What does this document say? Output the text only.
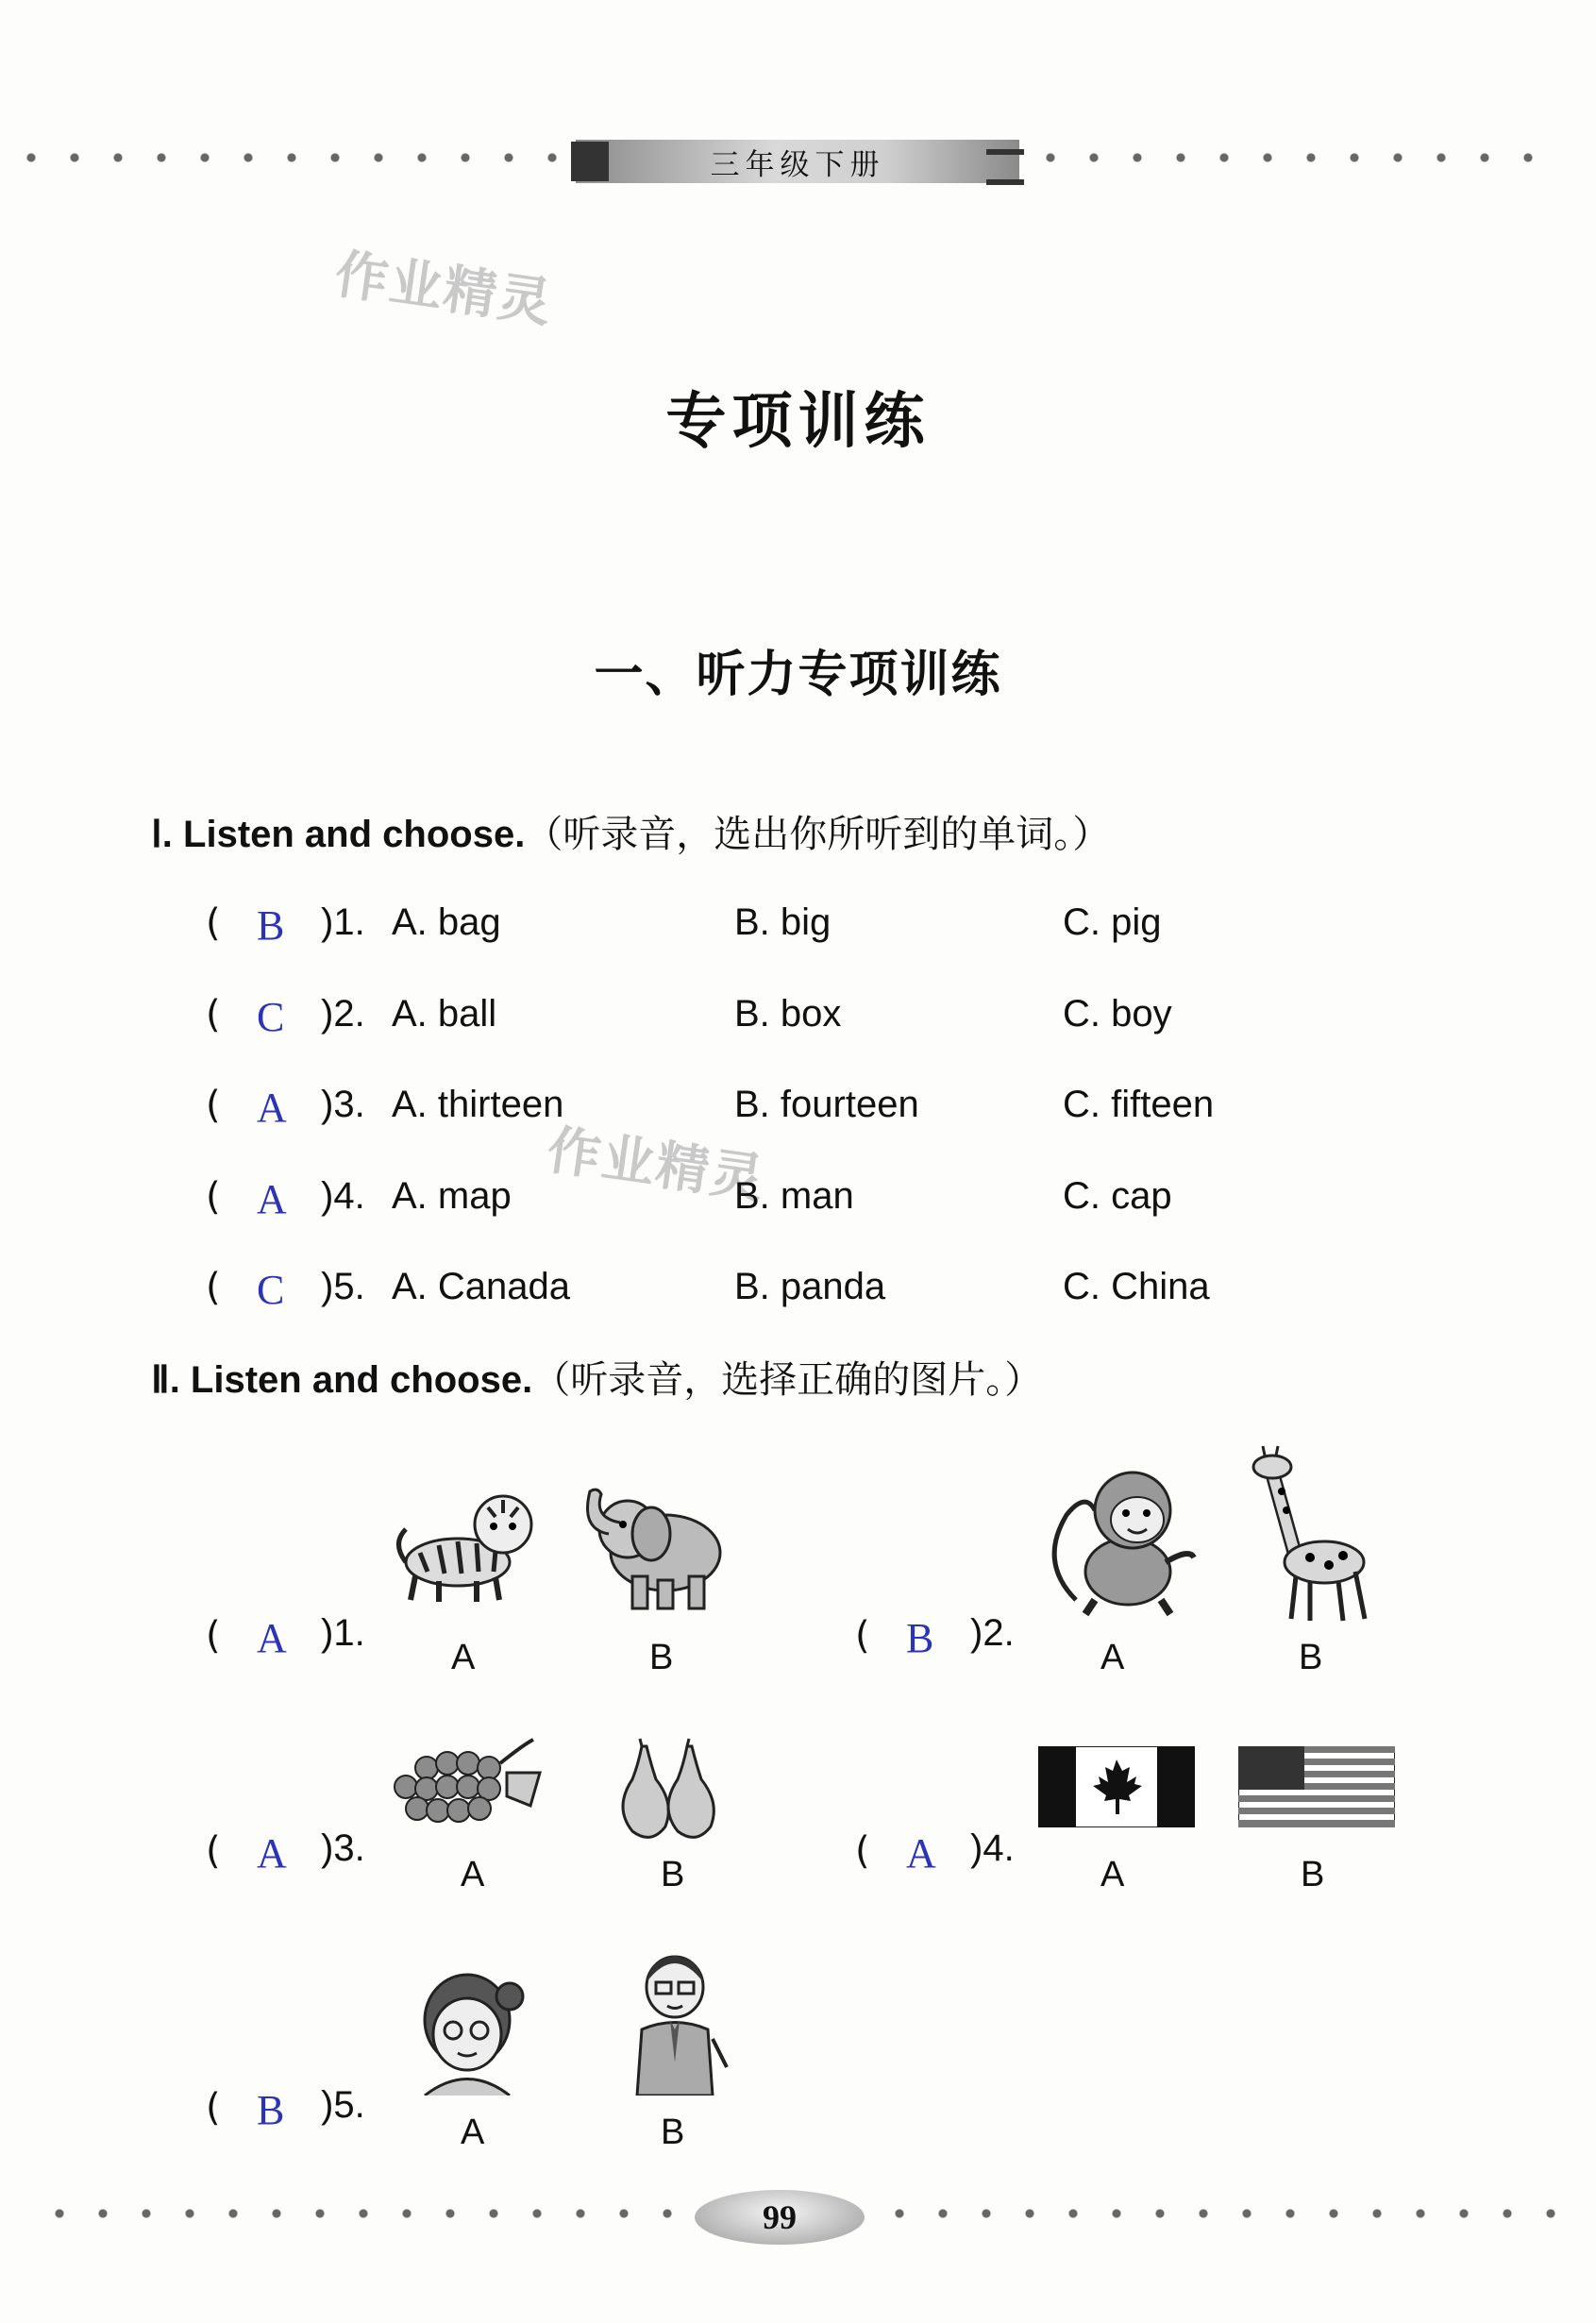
三年级下册
作业精灵
作业精灵
专项训练
一、听力专项训练
Ⅰ. Listen and choose.（听录音，选出你所听到的单词。）
( B )1. A. bag	B. big	C. pig
( C )2. A. ball	B. box	C. boy
( A )3. A. thirteen	B. fourteen	C. fifteen
( A )4. A. map	B. man	C. cap
( C )5. A. Canada	B. panda	C. China
Ⅱ. Listen and choose.（听录音，选择正确的图片。）
( A )1.
A	B	( B )2.
A	B
( A )3.
A	B
( A )4.
A	B
( B )5.
A	B
99
